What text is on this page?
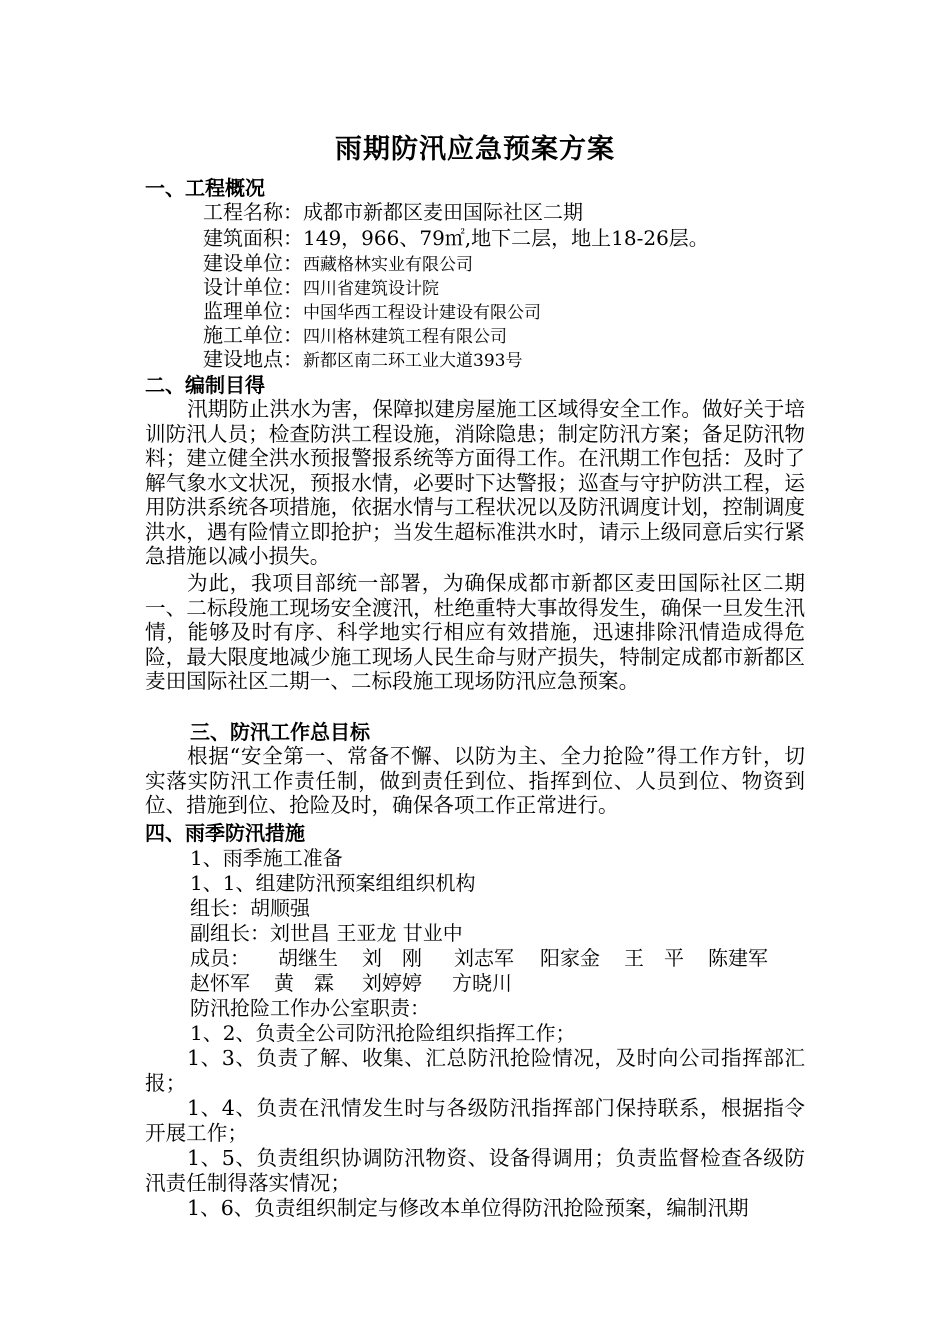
雨期防汛应急预案方案
一、工程概况
工程名称：成都市新都区麦田国际社区二期
建筑面积：149，966、79㎡,地下二层，地上18-26层。
建设单位：西藏格林实业有限公司
设计单位：四川省建筑设计院
监理单位：中国华西工程设计建设有限公司
施工单位：四川格林建筑工程有限公司
建设地点：新都区南二环工业大道393号
二、编制目得
汛期防止洪水为害，保障拟建房屋施工区域得安全工作。做好关于培训防汛人员；检查防洪工程设施，消除隐患；制定防汛方案；备足防汛物料；建立健全洪水预报警报系统等方面得工作。在汛期工作包括：及时了解气象水文状况，预报水情，必要时下达警报；巡查与守护防洪工程，运用防洪系统各项措施，依据水情与工程状况以及防汛调度计划，控制调度洪水，遇有险情立即抢护；当发生超标准洪水时，请示上级同意后实行紧急措施以减小损失。
为此，我项目部统一部署，为确保成都市新都区麦田国际社区二期一、二标段施工现场安全渡汛，杜绝重特大事故得发生，确保一旦发生汛情，能够及时有序、科学地实行相应有效措施，迅速排除汛情造成得危险，最大限度地减少施工现场人民生命与财产损失，特制定成都市新都区麦田国际社区二期一、二标段施工现场防汛应急预案。
三、防汛工作总目标
根据“安全第一、常备不懈、以防为主、全力抢险”得工作方针，切实落实防汛工作责任制，做到责任到位、指挥到位、人员到位、物资到位、措施到位、抢险及时，确保各项工作正常进行。
四、雨季防汛措施
1、雨季施工准备
1、1、组建防汛预案组组织机构
组长：胡顺强
副组长：刘世昌 王亚龙 甘业中
成员： 胡继生 刘　刚 刘志军 阳家金 王　平 陈建军
赵怀军 黄　霖 刘婷婷 方晓川
防汛抢险工作办公室职责：
1、2、负责全公司防汛抢险组织指挥工作；
1、3、负责了解、收集、汇总防汛抢险情况，及时向公司指挥部汇报；
1、4、负责在汛情发生时与各级防汛指挥部门保持联系，根据指令开展工作；
1、5、负责组织协调防汛物资、设备得调用；负责监督检查各级防汛责任制得落实情况；
1、6、负责组织制定与修改本单位得防汛抢险预案，编制汛期
